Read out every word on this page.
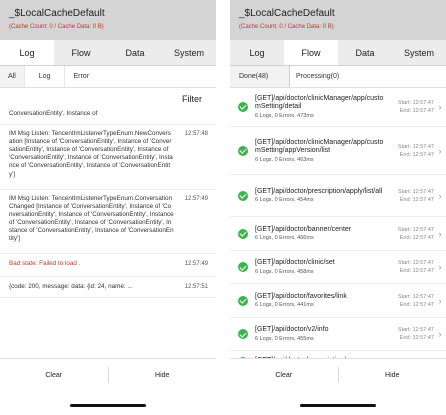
_$LocalCacheDefault
(Cache Count: 0 / Cache Data: 0 B)
Log	Flow	Data	System
All	Log	Error
Filter
ConversationEntity', Instance of
IM Msg Listen: TencentImListenerTypeEnum.NewConversation [Instance of 'ConversationEntity', Instance of 'ConversationEntity', Instance of 'ConversationEntity', Instance of 'ConversationEntity', Instance of 'ConversationEntity', Instance of 'ConversationEntity', Instance of 'ConversationEntity']
12:57:48
IM Msg Listen: TencentImListenerTypeEnum.ConversationChanged [Instance of 'ConversationEntity', Instance of 'ConversationEntity', Instance of 'ConversationEntity', Instance of 'ConversationEntity', Instance of 'ConversationEntity', Instance of 'ConversationEntity', Instance of 'ConversationEntity']
12:57:49
Bad state: Failed to load .	12:57:49
{code: 200, message: data: {id: 24, name: ...	12:57:51
Clear	Hide
_$LocalCacheDefault
(Cache Count: 0 / Cache Data: 0 B)
Log	Flow	Data	System
Done(48)	Processing(0)
[GET]/api/doctor/clinicManager/app/customSetting/detail
6 Logs, 0 Errors, 473ms
Start: 12:57:47
End: 12:57:47 ›
[GET]/api/doctor/clinicManager/app/customSetting/appVersion/list
6 Logs, 0 Errors, 463ms
Start: 12:57:47
End: 12:57:47 ›
[GET]/api/doctor/prescription/apply/list/all
6 Logs, 0 Errors, 454ms
Start: 12:57:47
End: 12:57:47 ›
[GET]/api/doctor/banner/center
6 Logs, 0 Errors, 466ms
Start: 12:57:47
End: 12:57:47 ›
[GET]/api/doctor/clinic/set
6 Logs, 0 Errors, 458ms
Start: 12:57:47
End: 12:57:47 ›
[GET]/api/doctor/favorites/link
6 Logs, 0 Errors, 441ms
Start: 12:57:47
End: 12:57:47 ›
[GET]/api/doctor/v2/info
6 Logs, 0 Errors, 455ms
Start: 12:57:47
End: 12:57:47 ›
Clear	Hide
